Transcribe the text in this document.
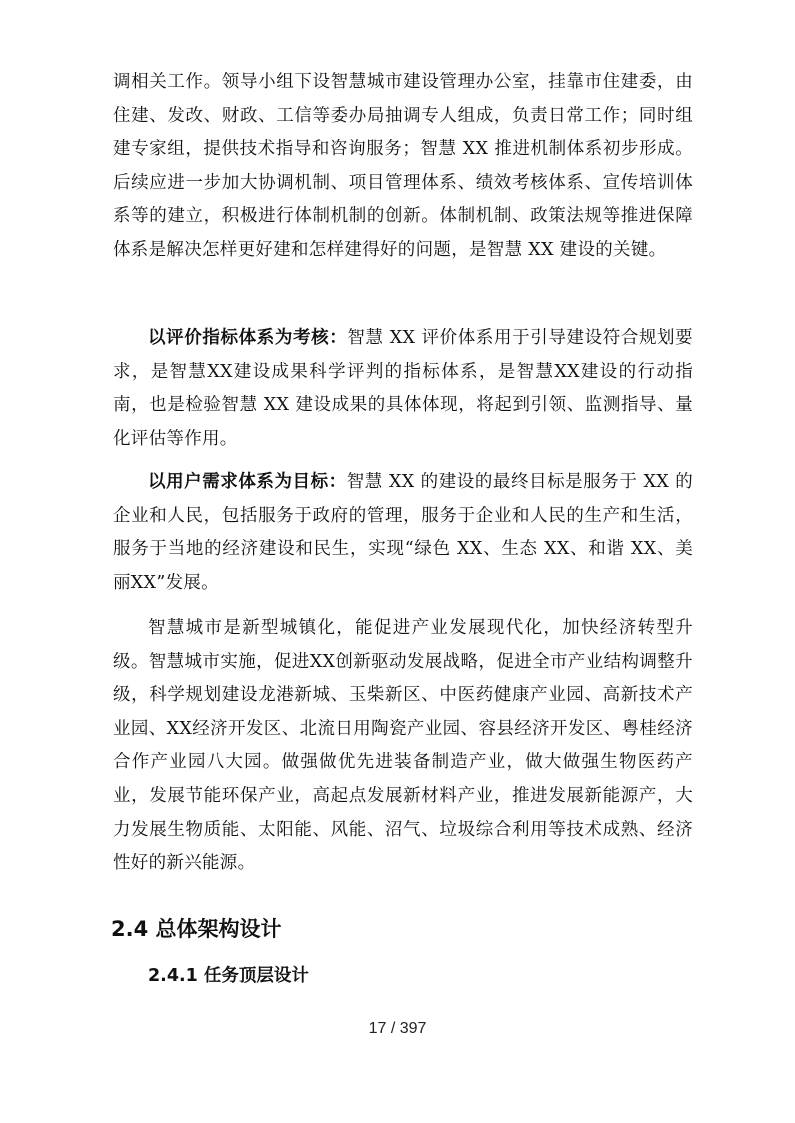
调相关工作。领导小组下设智慧城市建设管理办公室，挂靠市住建委，由住建、发改、财政、工信等委办局抽调专人组成，负责日常工作；同时组建专家组，提供技术指导和咨询服务；智慧 XX 推进机制体系初步形成。后续应进一步加大协调机制、项目管理体系、绩效考核体系、宣传培训体系等的建立，积极进行体制机制的创新。体制机制、政策法规等推进保障体系是解决怎样更好建和怎样建得好的问题，是智慧 XX 建设的关键。

以评价指标体系为考核：智慧 XX 评价体系用于引导建设符合规划要求，是智慧XX建设成果科学评判的指标体系，是智慧XX建设的行动指南，也是检验智慧 XX 建设成果的具体体现，将起到引领、监测指导、量化评估等作用。

以用户需求体系为目标：智慧 XX 的建设的最终目标是服务于 XX 的企业和人民，包括服务于政府的管理，服务于企业和人民的生产和生活，服务于当地的经济建设和民生，实现“绿色 XX、生态 XX、和谐 XX、美丽XX”发展。

智慧城市是新型城镇化，能促进产业发展现代化，加快经济转型升级。智慧城市实施，促进XX创新驱动发展战略，促进全市产业结构调整升级，科学规划建设龙港新城、玉柴新区、中医药健康产业园、高新技术产业园、XX经济开发区、北流日用陶瓷产业园、容县经济开发区、粤桂经济合作产业园八大园。做强做优先进装备制造产业，做大做强生物医药产业，发展节能环保产业，高起点发展新材料产业，推进发展新能源产，大力发展生物质能、太阳能、风能、沼气、垃圾综合利用等技术成熟、经济性好的新兴能源。

2.4 总体架构设计
2.4.1 任务顶层设计
17 / 397
